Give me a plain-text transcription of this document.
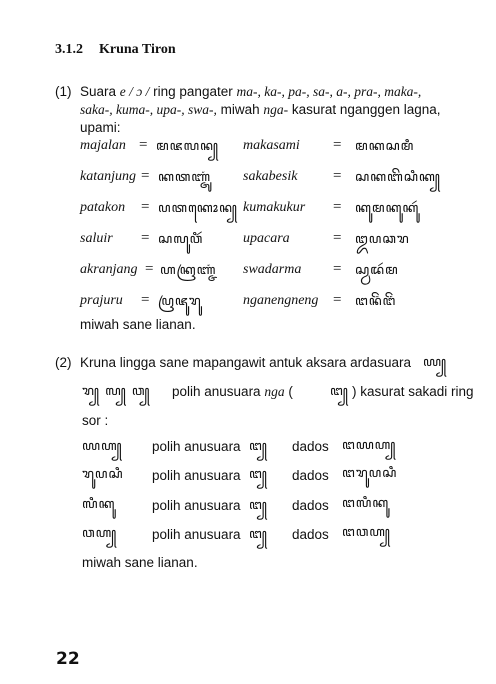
3.1.2 Kruna Tiron
(1) Suara e / ɔ / ring pangater ma-, ka-, pa-, sa-, a-, pra-, maka-,
saka-, kuma-, upa-, swa-, miwah nga- kasurat nganggen lagna,
upami:
majalan = ꦩꦗꦭꦤ꧀ makasami = ꦩꦏꦱꦩꦶ
katanjung = ꦏꦠꦚ꧀ꦗꦸꦁ sakabesik = ꦱꦏꦧꦼꦱꦶꦏ꧀
patakon = ꦥꦠꦏꦺꦴꦤ꧀ kumakukur = ꦏꦸꦩꦏꦸꦏꦸꦂ
saluir = ꦱꦭꦸꦮꦶꦂ	upacara	= ꦈꦥꦕꦫ
akranjang = ꦲꦏꦿꦚ꧀ꦗꦁ swadarma = ꦱ꧀ꦮꦢꦂꦩ
prajuru = ꦥꦿꦗꦸꦫꦸ	nganengneng = ꦔꦤꦼꦁꦔꦼꦁ
miwah sane lianan.
(2) Kruna lingga sane mapangawit antuk aksara ardasuara ꦪ꧀
ꦫ꧀ ꦭ꧀ ꦮ꧀ polih anusuara nga (	ꦔ꧀ ) kasurat sakadi ring
sor :
ꦪꦲ꧀ polih anusuara ꦔ꧀ dados ꦔꦪꦲ꧀
ꦫꦸꦥꦱꦶ polih anusuara ꦔ꧀ dados ꦔꦫꦸꦥꦱꦶ
ꦭꦶꦏꦸ	polih anusuara ꦔ꧀ dados ꦔꦭꦶꦏꦸ
ꦮꦲ꧀	polih anusuara ꦔ꧀ dados ꦔꦮꦲ꧀
miwah sane lianan.
22
